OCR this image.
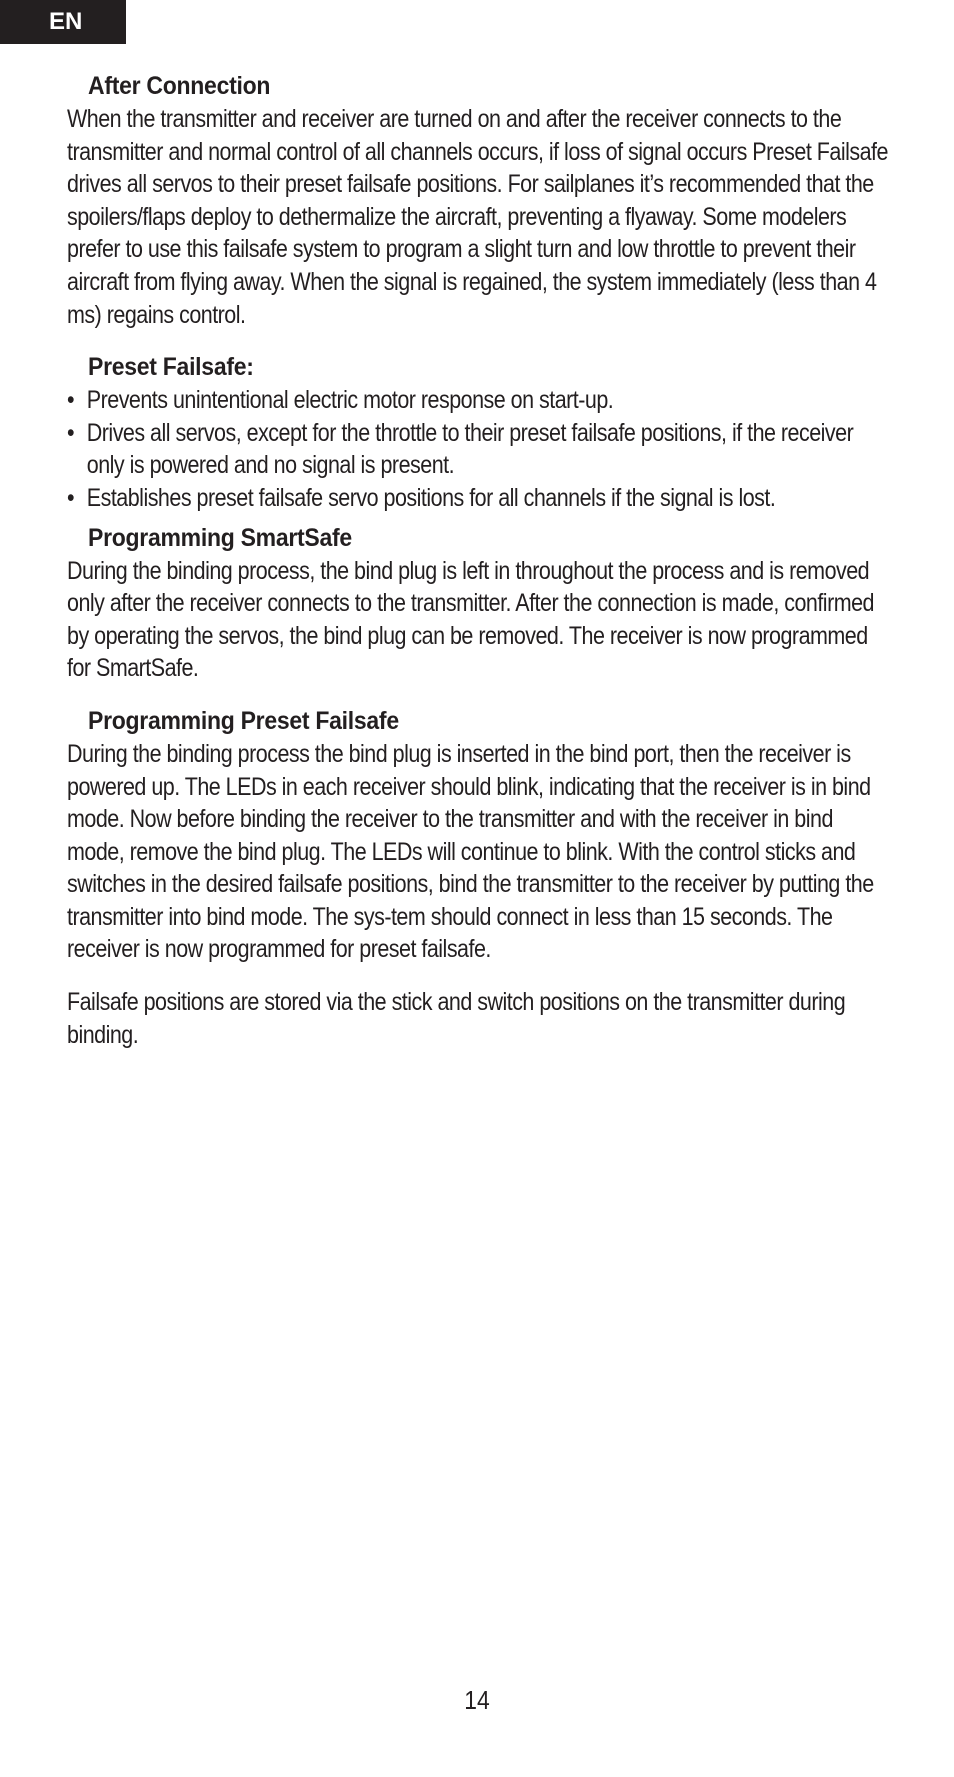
EN
After Connection

When the transmitter and receiver are turned on and after the receiver connects to the transmitter and normal control of all channels occurs, if loss of signal occurs Preset Failsafe drives all servos to their preset failsafe positions. For sailplanes it’s recommended that the spoilers/flaps deploy to dethermalize the aircraft, preventing a flyaway. Some modelers prefer to use this failsafe system to program a slight turn and low throttle to prevent their aircraft from flying away. When the signal is regained, the system immediately (less than 4 ms) regains control.

Preset Failsafe:
• Prevents unintentional electric motor response on start-up.
• Drives all servos, except for the throttle to their preset failsafe positions, if the receiver only is powered and no signal is present.
• Establishes preset failsafe servo positions for all channels if the signal is lost.
Programming SmartSafe

During the binding process, the bind plug is left in throughout the process and is removed only after the receiver connects to the transmitter. After the connection is made, confirmed by operating the servos, the bind plug can be removed. The receiver is now programmed for SmartSafe.

Programming Preset Failsafe

During the binding process the bind plug is inserted in the bind port, then the receiver is powered up. The LEDs in each receiver should blink, indicating that the receiver is in bind mode. Now before binding the receiver to the transmitter and with the receiver in bind mode, remove the bind plug. The LEDs will continue to blink. With the control sticks and switches in the desired failsafe positions, bind the transmitter to the receiver by putting the transmitter into bind mode. The sys-tem should connect in less than 15 seconds. The receiver is now programmed for preset failsafe.

Failsafe positions are stored via the stick and switch positions on the transmitter during binding.

14
